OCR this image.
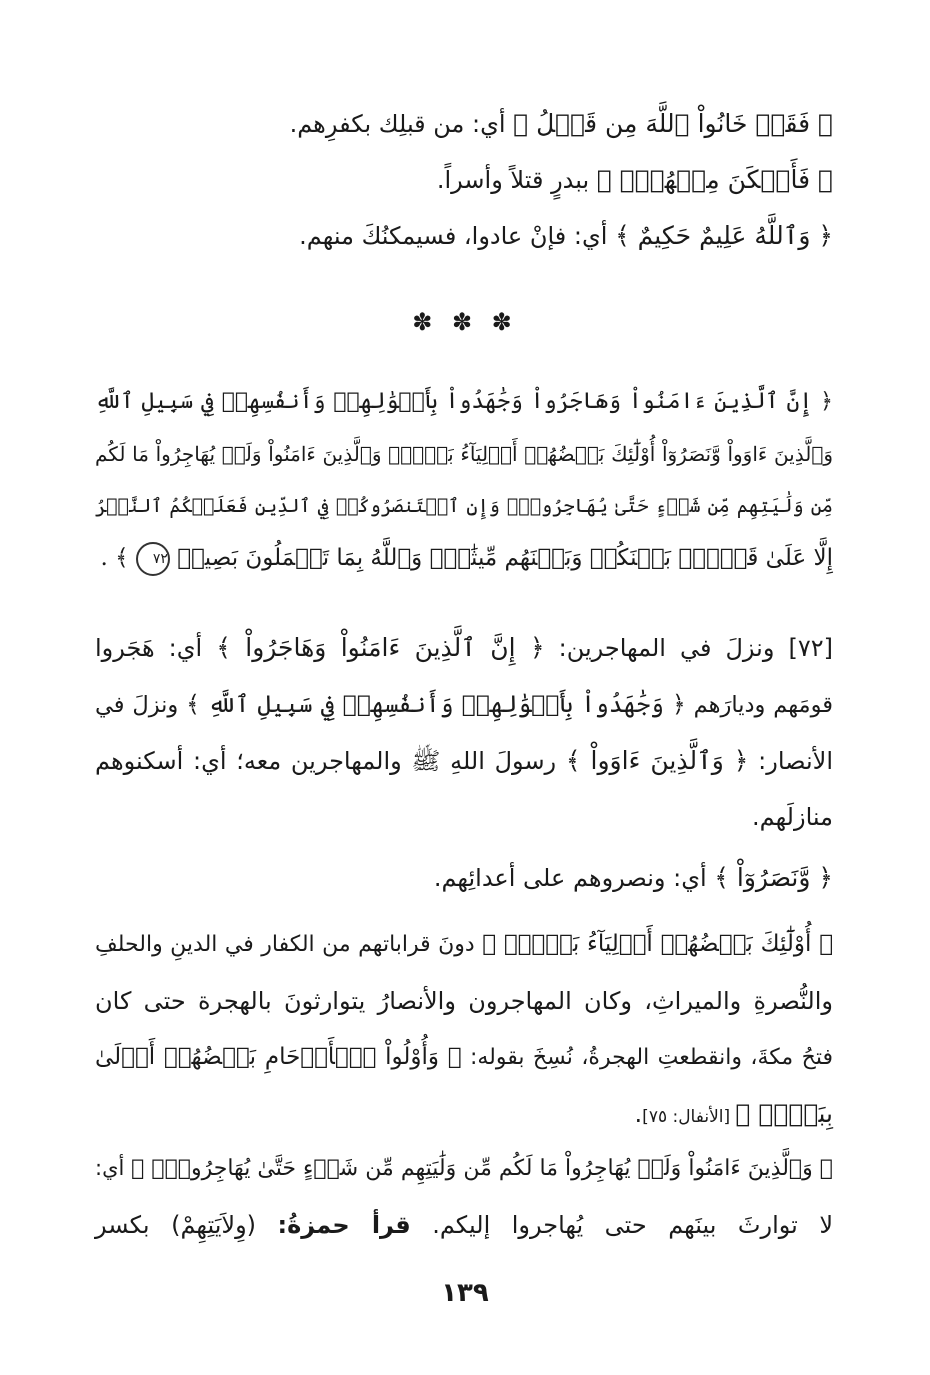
﴿ فَقَدۡ خَانُواْ ٱللَّهَ مِن قَبۡلُ ﴾ أي: من قبلِك بكفرِهم.

﴿ فَأَمۡكَنَ مِنۡهُمۡۗ ﴾ ببدرٍ قتلاً وأسراً.

﴿ وَٱللَّهُ عَلِيمٌ حَكِيمٌ ﴾ أي: فإنْ عادوا، فسيمكنُكَ منهم.

✽ ✽ ✽

﴿ إِنَّ ٱلَّذِينَ ءَامَنُواْ وَهَاجَرُواْ وَجَٰهَدُواْ بِأَمۡوَٰلِهِمۡ وَأَنفُسِهِمۡ فِي سَبِيلِ ٱللَّهِ

وَٱلَّذِينَ ءَاوَواْ وَّنَصَرُوٓاْ أُوْلَٰٓئِكَ بَعۡضُهُمۡ أَوۡلِيَآءُ بَعۡضٖۚ وَٱلَّذِينَ ءَامَنُواْ وَلَمۡ يُهَاجِرُواْ مَا لَكُم

مِّن وَلَٰيَتِهِم مِّن شَيۡءٍ حَتَّىٰ يُهَاجِرُواْۚ وَإِنِ ٱسۡتَنصَرُوكُمۡ فِي ٱلدِّينِ فَعَلَيۡكُمُ ٱلنَّصۡرُ

إِلَّا عَلَىٰ قَوۡمِۭ بَيۡنَكُمۡ وَبَيۡنَهُم مِّيثَٰقٞۗ وَٱللَّهُ بِمَا تَعۡمَلُونَ بَصِيرٞ ٧٢ ﴾ .

[٧٢] ونزلَ في المهاجرين: ﴿ إِنَّ ٱلَّذِينَ ءَامَنُواْ وَهَاجَرُواْ ﴾ أي: هَجَروا

قومَهم وديارَهم ﴿ وَجَٰهَدُواْ بِأَمۡوَٰلِهِمۡ وَأَنفُسِهِمۡ فِي سَبِيلِ ٱللَّهِ ﴾ ونزلَ في

الأنصار: ﴿ وَٱلَّذِينَ ءَاوَواْ ﴾ رسولَ اللهِ ﷺ والمهاجرين معه؛ أي: أسكنوهم

منازلَهم.

﴿ وَّنَصَرُوٓاْ ﴾ أي: ونصروهم على أعدائِهم.

﴿ أُوْلَٰٓئِكَ بَعۡضُهُمۡ أَوۡلِيَآءُ بَعۡضٖۚ ﴾ دونَ قراباتهم من الكفار في الدينِ والحلفِ

والنُّصرةِ والميراثِ، وكان المهاجرون والأنصارُ يتوارثونَ بالهجرة حتى كان

فتحُ مكةَ، وانقطعتِ الهجرةُ، نُسِخَ بقوله: ﴿ وَأُوْلُواْ ٱلۡأَرۡحَامِ بَعۡضُهُمۡ أَوۡلَىٰ

بِبَعۡضٖ ﴾ [الأنفال: ٧٥].

﴿ وَٱلَّذِينَ ءَامَنُواْ وَلَمۡ يُهَاجِرُواْ مَا لَكُم مِّن وَلَٰيَتِهِم مِّن شَيۡءٍ حَتَّىٰ يُهَاجِرُواْۚ ﴾ أي:

لا توارثَ بينَهم حتى يُهاجروا إليكم. قرأ حمزةُ: (وِلاَيَتِهِمْ) بكسر

١٣٩
